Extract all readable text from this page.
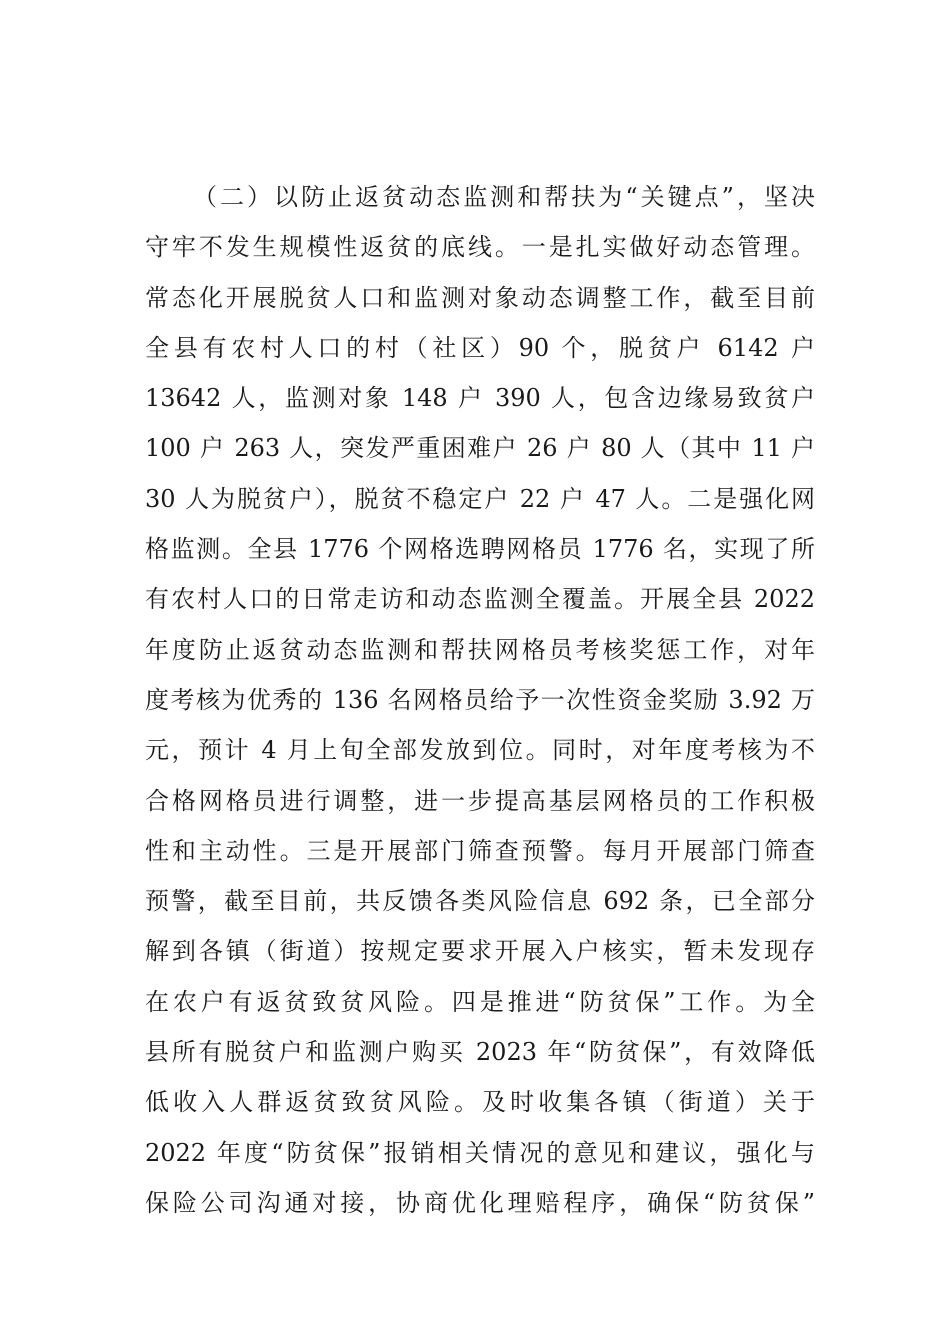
（二）以防止返贫动态监测和帮扶为“关键点”，坚决
守牢不发生规模性返贫的底线。一是扎实做好动态管理。
常态化开展脱贫人口和监测对象动态调整工作，截至目前
全县有农村人口的村（社区）90 个，脱贫户 6142 户
13642 人，监测对象 148 户 390 人，包含边缘易致贫户
100 户 263 人，突发严重困难户 26 户 80 人（其中 11 户
30 人为脱贫户），脱贫不稳定户 22 户 47 人。二是强化网
格监测。全县 1776 个网格选聘网格员 1776 名，实现了所
有农村人口的日常走访和动态监测全覆盖。开展全县 2022
年度防止返贫动态监测和帮扶网格员考核奖惩工作，对年
度考核为优秀的 136 名网格员给予一次性资金奖励 3.92 万
元，预计 4 月上旬全部发放到位。同时，对年度考核为不
合格网格员进行调整，进一步提高基层网格员的工作积极
性和主动性。三是开展部门筛查预警。每月开展部门筛查
预警，截至目前，共反馈各类风险信息 692 条，已全部分
解到各镇（街道）按规定要求开展入户核实，暂未发现存
在农户有返贫致贫风险。四是推进“防贫保”工作。为全
县所有脱贫户和监测户购买 2023 年“防贫保”，有效降低
低收入人群返贫致贫风险。及时收集各镇（街道）关于
2022 年度“防贫保”报销相关情况的意见和建议，强化与
保险公司沟通对接，协商优化理赔程序，确保“防贫保”
